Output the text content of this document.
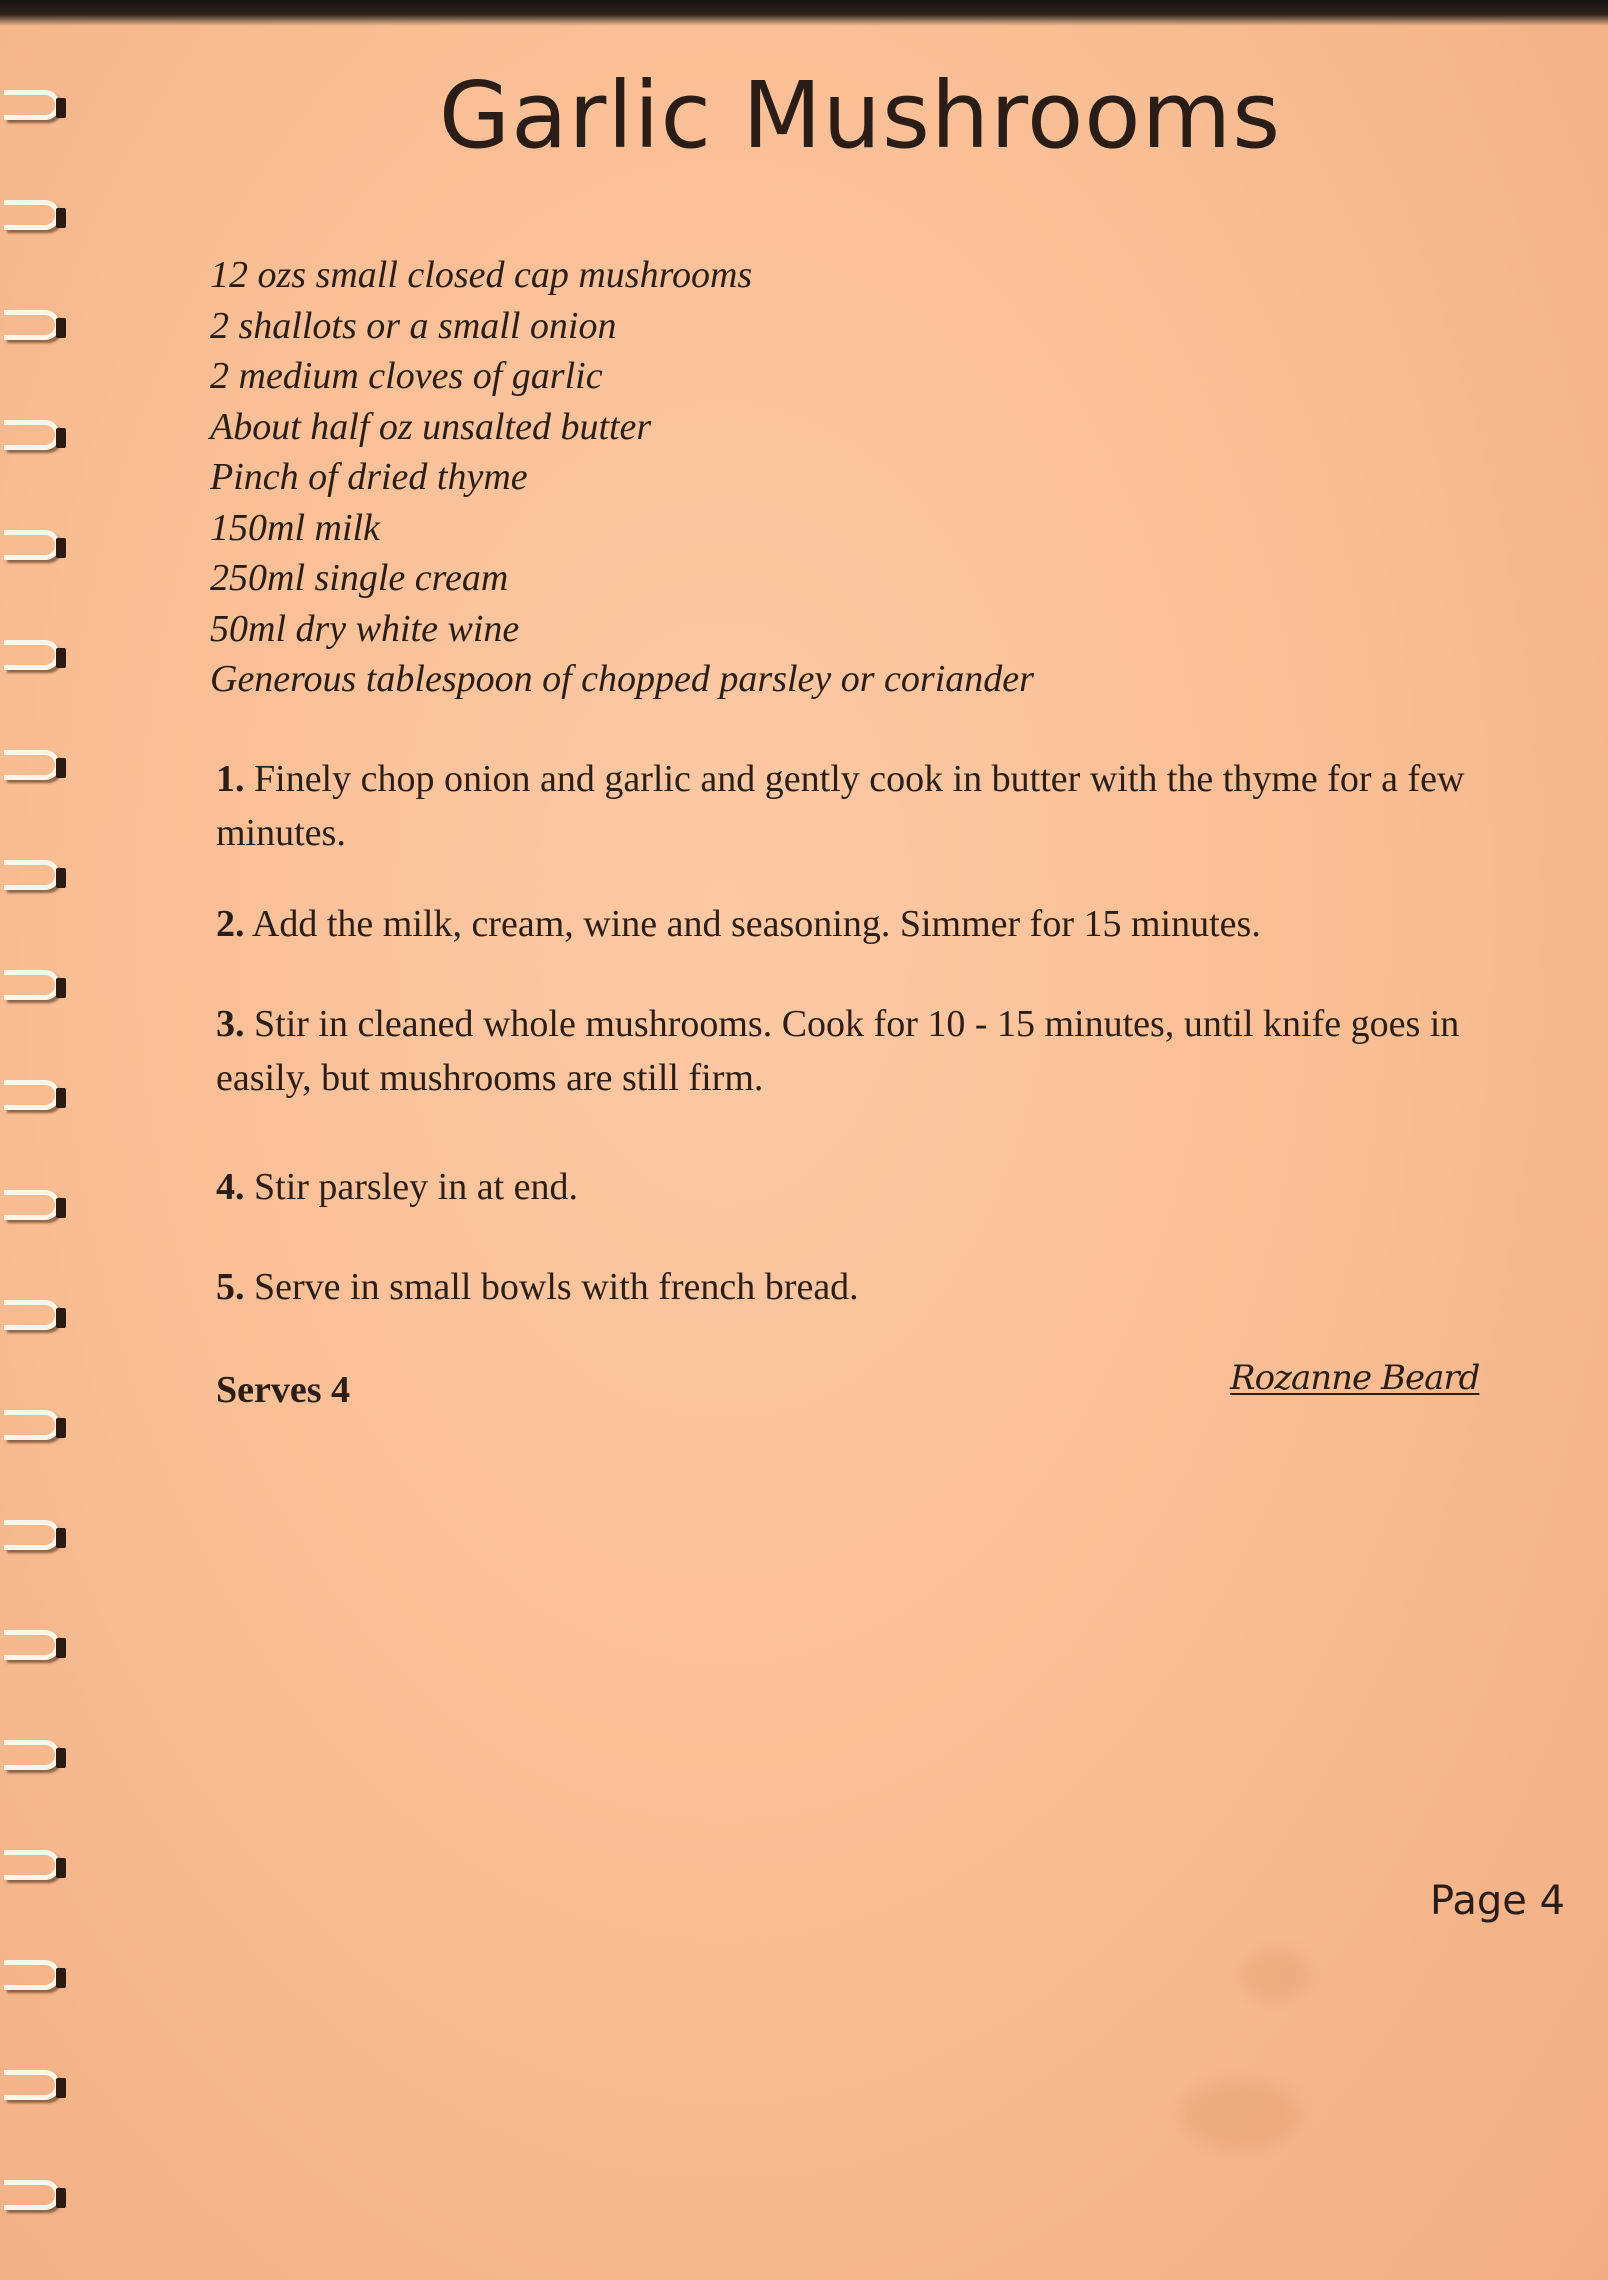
Garlic Mushrooms
12 ozs small closed cap mushrooms
2 shallots or a small onion
2 medium cloves of garlic
About half oz unsalted butter
Pinch of dried thyme
150ml milk
250ml single cream
50ml dry white wine
Generous tablespoon of chopped parsley or coriander

1. Finely chop onion and garlic and gently cook in butter with the thyme for a few minutes.

2. Add the milk, cream, wine and seasoning. Simmer for 15 minutes.

3. Stir in cleaned whole mushrooms. Cook for 10 - 15 minutes, until knife goes in easily, but mushrooms are still firm.

4. Stir parsley in at end.

5. Serve in small bowls with french bread.

Serves 4	Rozanne Beard
Page 4
